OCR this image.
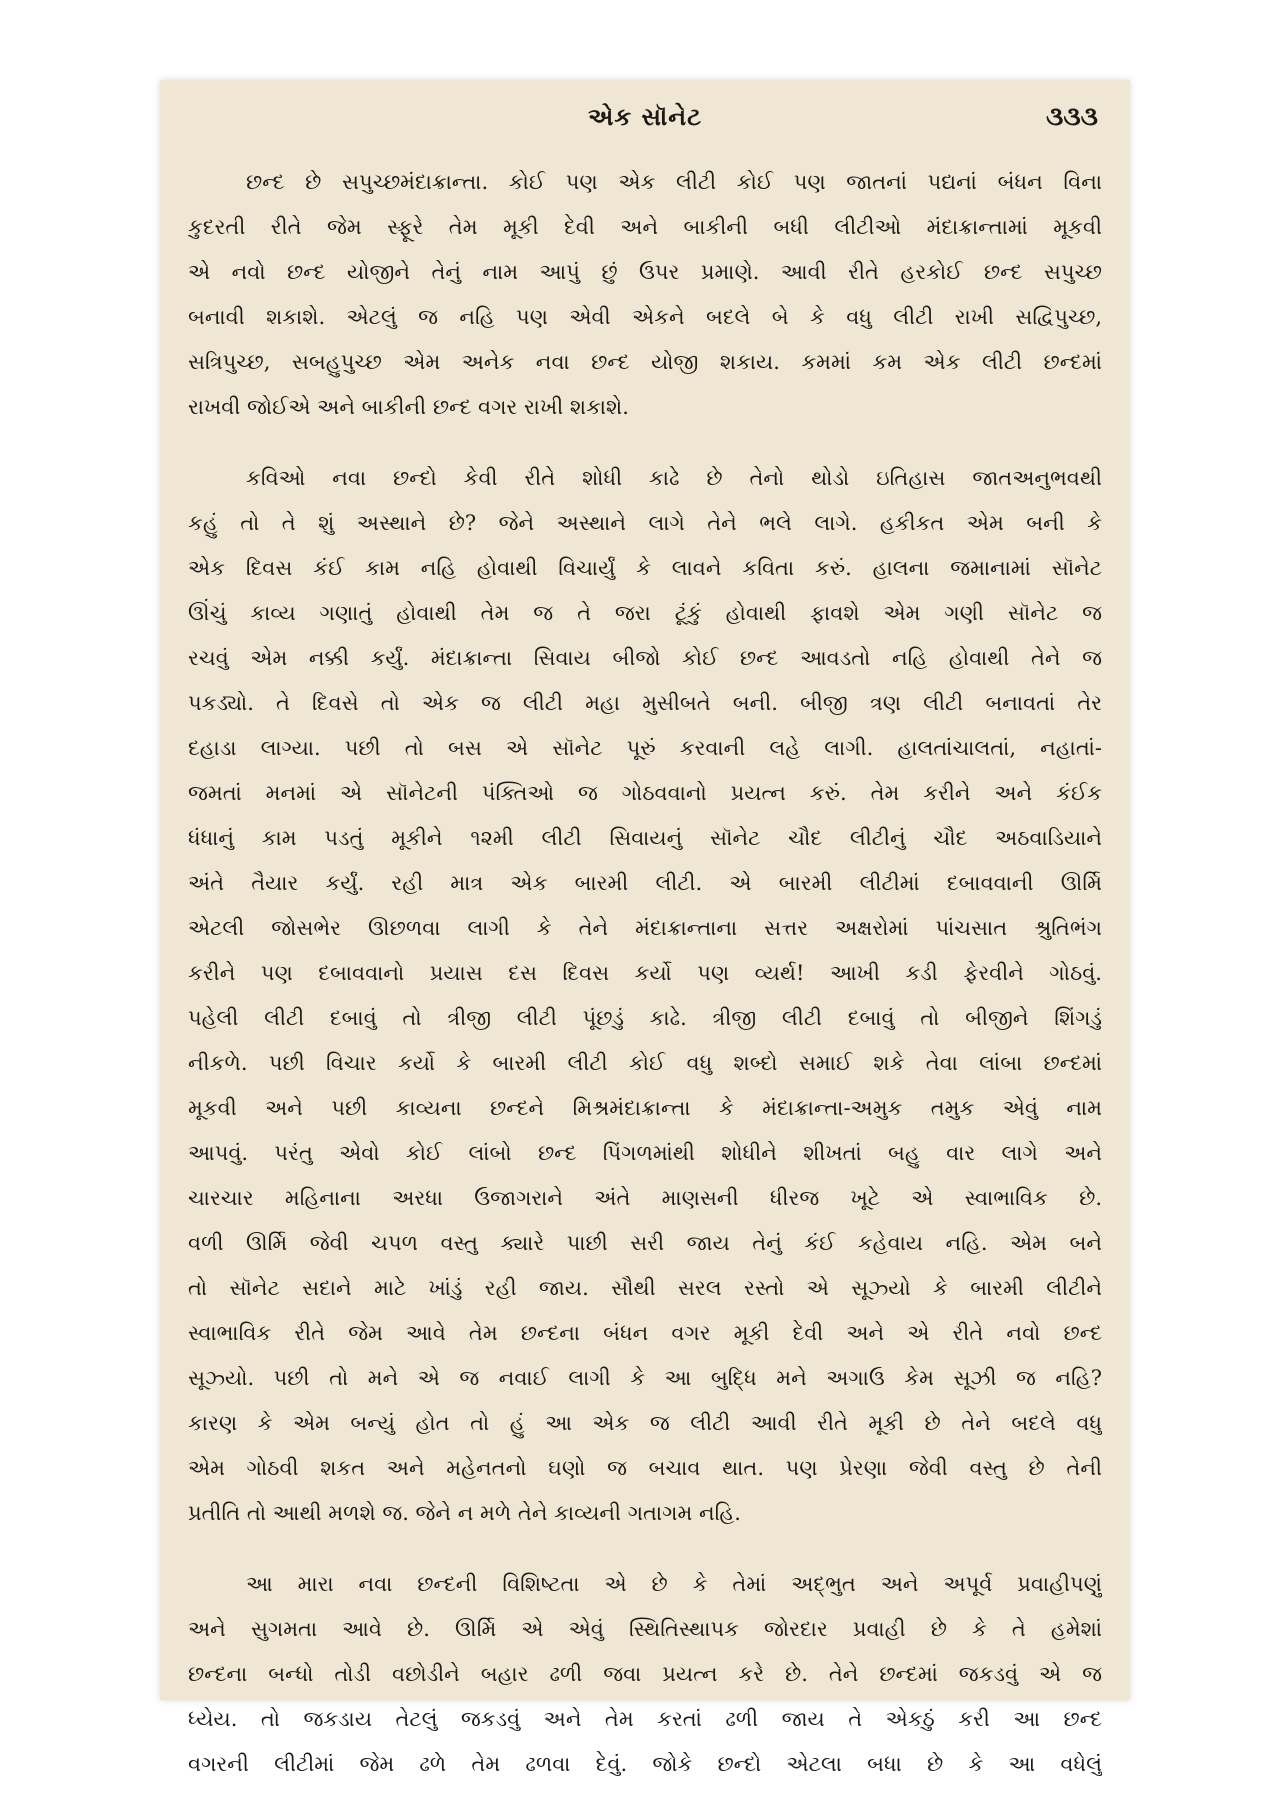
એક સૉનેટ	૩૩૩
છન્દ છે સપુચ્છમંદાક્રાન્તા. કોઈ પણ એક લીટી કોઈ પણ જાતનાં પદ્યનાં બંધન વિના
કુદરતી રીતે જેમ સ્ફૂરે તેમ મૂકી દેવી અને બાકીની બધી લીટીઓ મંદાક્રાન્તામાં મૂકવી
એ નવો છન્દ યોજીને તેનું નામ આપું છું ઉપર પ્રમાણે. આવી રીતે હરકોઈ છન્દ સપુચ્છ
બનાવી શકાશે. એટલું જ નહિ પણ એવી એકને બદલે બે કે વધુ લીટી રાખી સદ્વિપુચ્છ,
સત્રિપુચ્છ, સબહુપુચ્છ એમ અનેક નવા છન્દ યોજી શકાય. કમમાં કમ એક લીટી છન્દમાં
રાખવી જોઈએ અને બાકીની છન્દ વગર રાખી શકાશે.
કવિઓ નવા છન્દો કેવી રીતે શોધી કાઢે છે તેનો થોડો ઇતિહાસ જાતઅનુભવથી
કહું તો તે શું અસ્થાને છે? જેને અસ્થાને લાગે તેને ભલે લાગે. હકીકત એમ બની કે
એક દિવસ કંઈ કામ નહિ હોવાથી વિચાર્યું કે લાવને કવિતા કરું. હાલના જમાનામાં સૉનેટ
ઊંચું કાવ્ય ગણાતું હોવાથી તેમ જ તે જરા ટૂંકું હોવાથી ફાવશે એમ ગણી સૉનેટ જ
રચવું એમ નક્કી કર્યું. મંદાક્રાન્તા સિવાય બીજો કોઈ છન્દ આવડતો નહિ હોવાથી તેને જ
પકડ્યો. તે દિવસે તો એક જ લીટી મહા મુસીબતે બની. બીજી ત્રણ લીટી બનાવતાં તેર
દહાડા લાગ્યા. પછી તો બસ એ સૉનેટ પૂરું કરવાની લહે લાગી. હાલતાંચાલતાં, નહાતાં-
જમતાં મનમાં એ સૉનેટની પંક્તિઓ જ ગોઠવવાનો પ્રયત્ન કરું. તેમ કરીને અને કંઈક
ધંધાનું કામ પડતું મૂકીને ૧૨મી લીટી સિવાયનું સૉનેટ ચૌદ લીટીનું ચૌદ અઠવાડિયાને
અંતે તૈયાર કર્યું. રહી માત્ર એક બારમી લીટી. એ બારમી લીટીમાં દબાવવાની ઊર્મિ
એટલી જોસભેર ઊછળવા લાગી કે તેને મંદાક્રાન્તાના સત્તર અક્ષરોમાં પાંચસાત શ્રુતિભંગ
કરીને પણ દબાવવાનો પ્રયાસ દસ દિવસ કર્યો પણ વ્યર્થ! આખી કડી ફેરવીને ગોઠવું.
પહેલી લીટી દબાવું તો ત્રીજી લીટી પૂંછડું કાઢે. ત્રીજી લીટી દબાવું તો બીજીને શિંગડું
નીકળે. પછી વિચાર કર્યો કે બારમી લીટી કોઈ વધુ શબ્દો સમાઈ શકે તેવા લાંબા છન્દમાં
મૂકવી અને પછી કાવ્યના છન્દને મિશ્રમંદાક્રાન્તા કે મંદાક્રાન્તા-અમુક તમુક એવું નામ
આપવું. પરંતુ એવો કોઈ લાંબો છન્દ પિંગળમાંથી શોધીને શીખતાં બહુ વાર લાગે અને
ચારચાર મહિનાના અરધા ઉજાગરાને અંતે માણસની ધીરજ ખૂટે એ સ્વાભાવિક છે.
વળી ઊર્મિ જેવી ચપળ વસ્તુ ક્યારે પાછી સરી જાય તેનું કંઈ કહેવાય નહિ. એમ બને
તો સૉનેટ સદાને માટે ખાંડું રહી જાય. સૌથી સરલ રસ્તો એ સૂઝ્યો કે બારમી લીટીને
સ્વાભાવિક રીતે જેમ આવે તેમ છન્દના બંધન વગર મૂકી દેવી અને એ રીતે નવો છન્દ
સૂઝ્યો. પછી તો મને એ જ નવાઈ લાગી કે આ બુદ્ધિ મને અગાઉ કેમ સૂઝી જ નહિ?
કારણ કે એમ બન્યું હોત તો હું આ એક જ લીટી આવી રીતે મૂકી છે તેને બદલે વધુ
એમ ગોઠવી શકત અને મહેનતનો ઘણો જ બચાવ થાત. પણ પ્રેરણા જેવી વસ્તુ છે તેની
પ્રતીતિ તો આથી મળશે જ. જેને ન મળે તેને કાવ્યની ગતાગમ નહિ.
આ મારા નવા છન્દની વિશિષ્ટતા એ છે કે તેમાં અદ્ભુત અને અપૂર્વ પ્રવાહીપણું
અને સુગમતા આવે છે. ઊર્મિ એ એવું સ્થિતિસ્થાપક જોરદાર પ્રવાહી છે કે તે હમેશાં
છન્દના બન્ધો તોડી વછોડીને બહાર ઢળી જવા પ્રયત્ન કરે છે. તેને છન્દમાં જકડવું એ જ
ધ્યેય. તો જકડાય તેટલું જકડવું અને તેમ કરતાં ઢળી જાય તે એકઠું કરી આ છન્દ
વગરની લીટીમાં જેમ ઢળે તેમ ઢળવા દેવું. જોકે છન્દો એટલા બધા છે કે આ વધેલું
